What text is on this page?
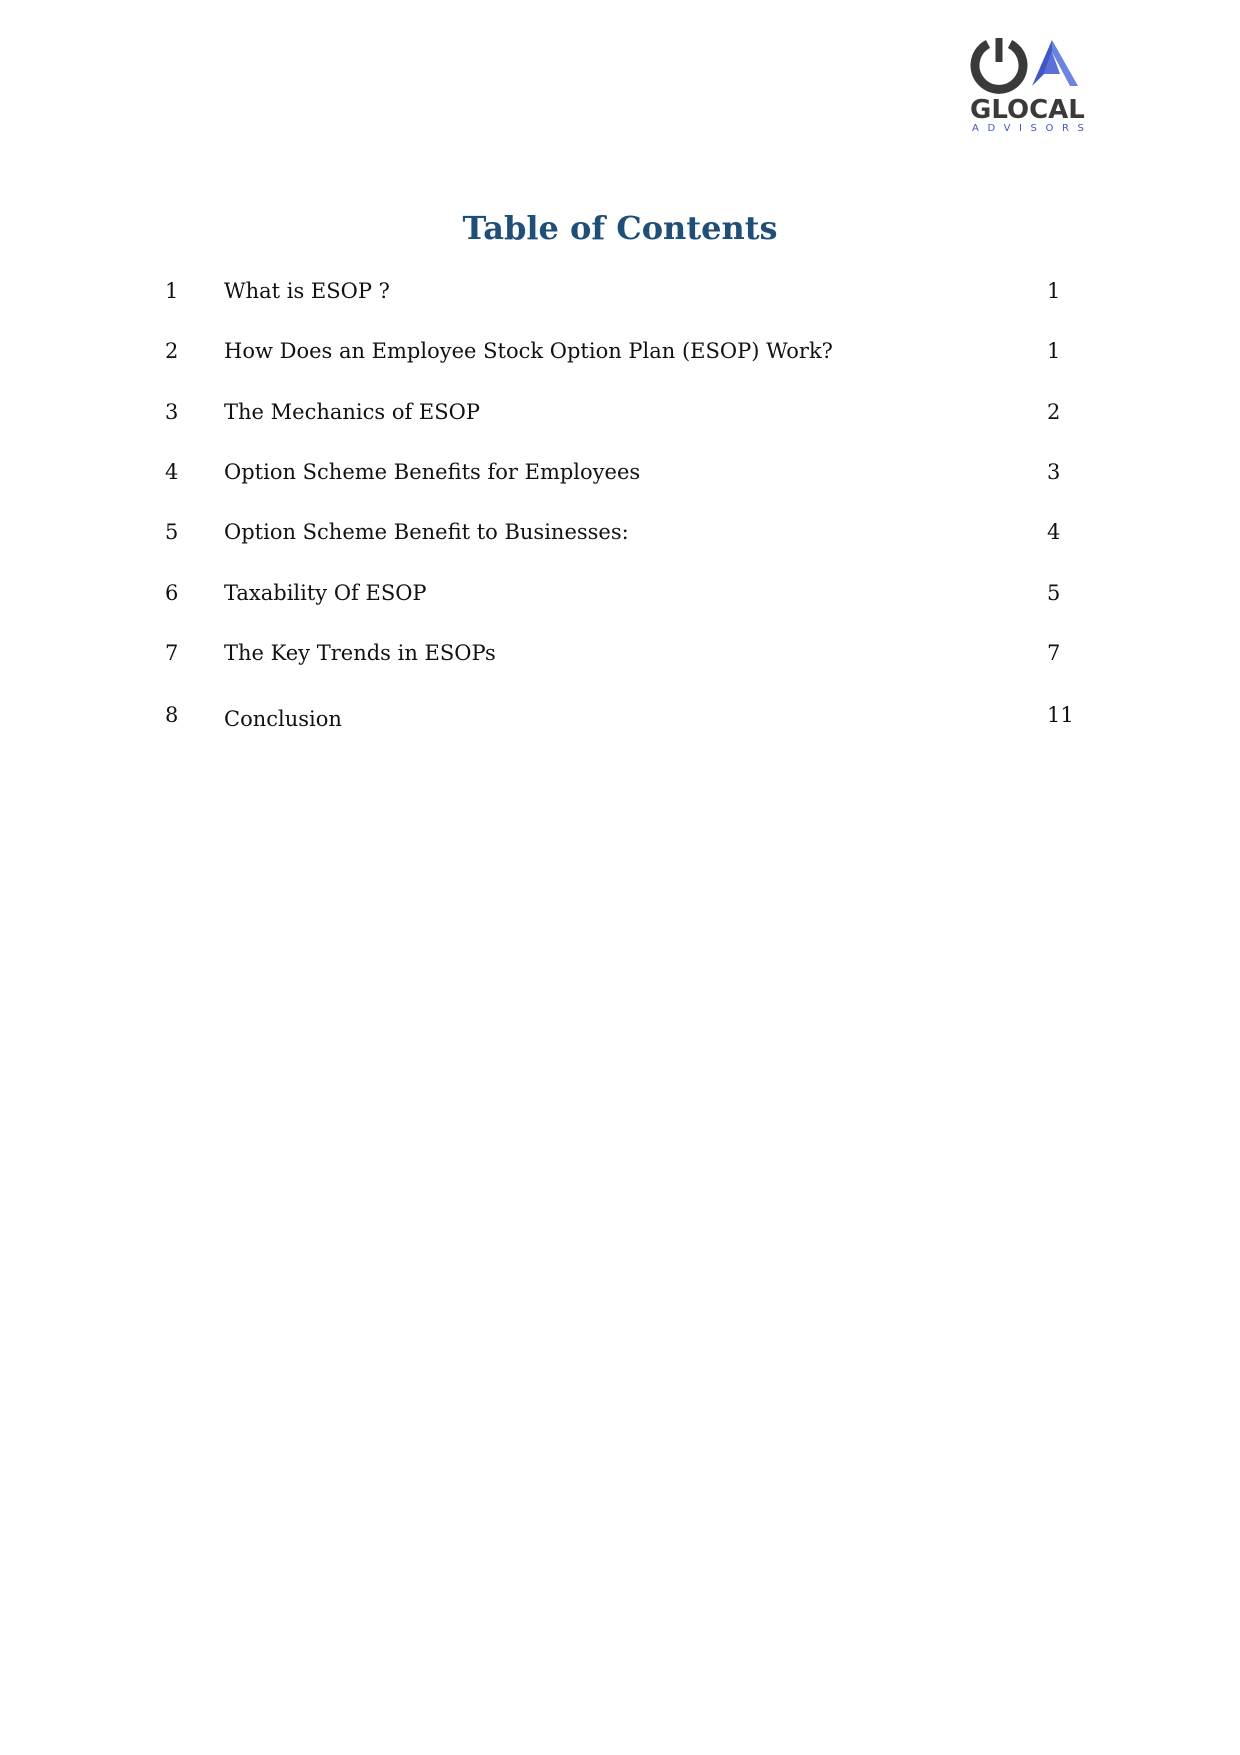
GLOCAL
ADVISORS
Table of Contents
1 What is ESOP ?	1
2 How Does an Employee Stock Option Plan (ESOP) Work?	1
3 The Mechanics of ESOP	2
4 Option Scheme Benefits for Employees	3
5 Option Scheme Benefit to Businesses:	4
6 Taxability Of ESOP	5
7 The Key Trends in ESOPs	7
8 Conclusion	11
